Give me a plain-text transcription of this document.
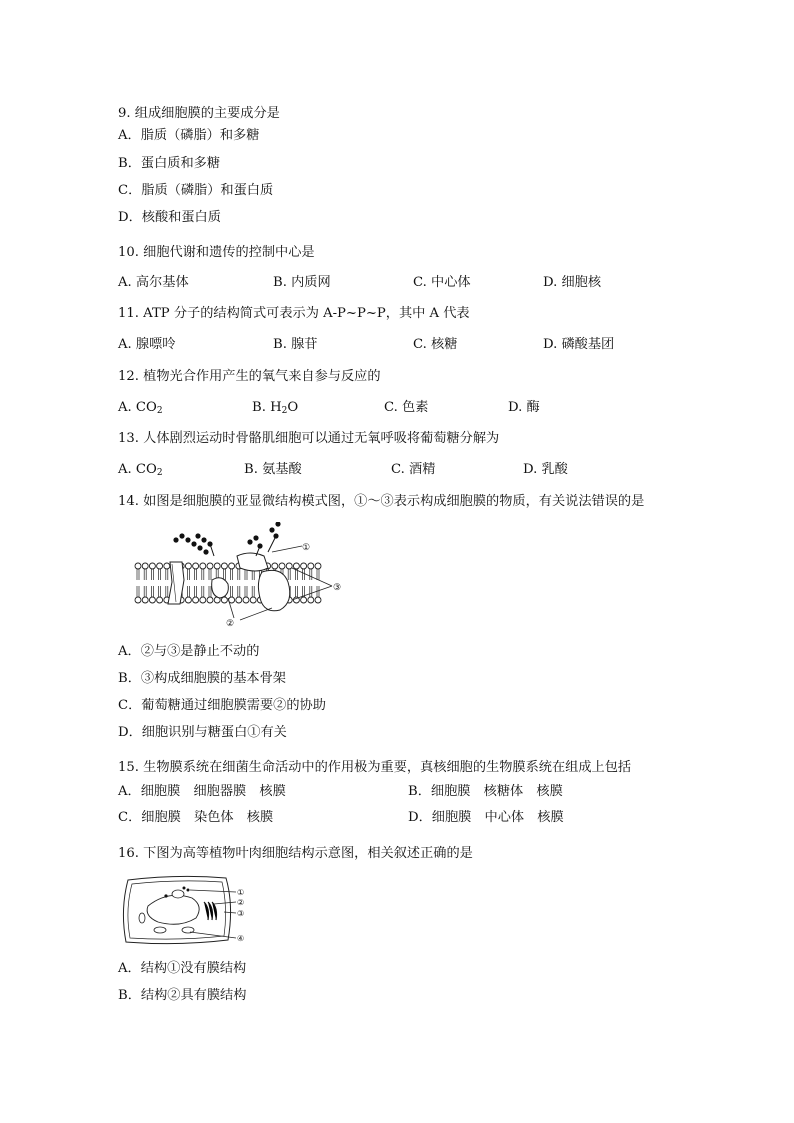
9. 组成细胞膜的主要成分是
A．脂质（磷脂）和多糖
B．蛋白质和多糖
C．脂质（磷脂）和蛋白质
D．核酸和蛋白质
10. 细胞代谢和遗传的控制中心是
A. 高尔基体	B. 内质网	C. 中心体	D. 细胞核
11. ATP 分子的结构简式可表示为 A-P~P~P，其中 A 代表
A. 腺嘌呤	B. 腺苷	C. 核糖	D. 磷酸基团
12. 植物光合作用产生的氧气来自参与反应的
A. $CO_2$	B. $H_2O$	C. 色素	D. 酶
13. 人体剧烈运动时骨骼肌细胞可以通过无氧呼吸将葡萄糖分解为
A. $CO_2$	B. 氨基酸	C. 酒精	D. 乳酸
14. 如图是细胞膜的亚显微结构模式图，①～③表示构成细胞膜的物质，有关说法错误的是
①
③
②
A．②与③是静止不动的
B．③构成细胞膜的基本骨架
C．葡萄糖通过细胞膜需要②的协助
D．细胞识别与糖蛋白①有关
15. 生物膜系统在细菌生命活动中的作用极为重要，真核细胞的生物膜系统在组成上包括
A．细胞膜　细胞器膜　核膜	B．细胞膜　核糖体　核膜
C．细胞膜　染色体　核膜	D．细胞膜　中心体　核膜
16. 下图为高等植物叶肉细胞结构示意图，相关叙述正确的是
①
②
③
④
A．结构①没有膜结构
B．结构②具有膜结构
